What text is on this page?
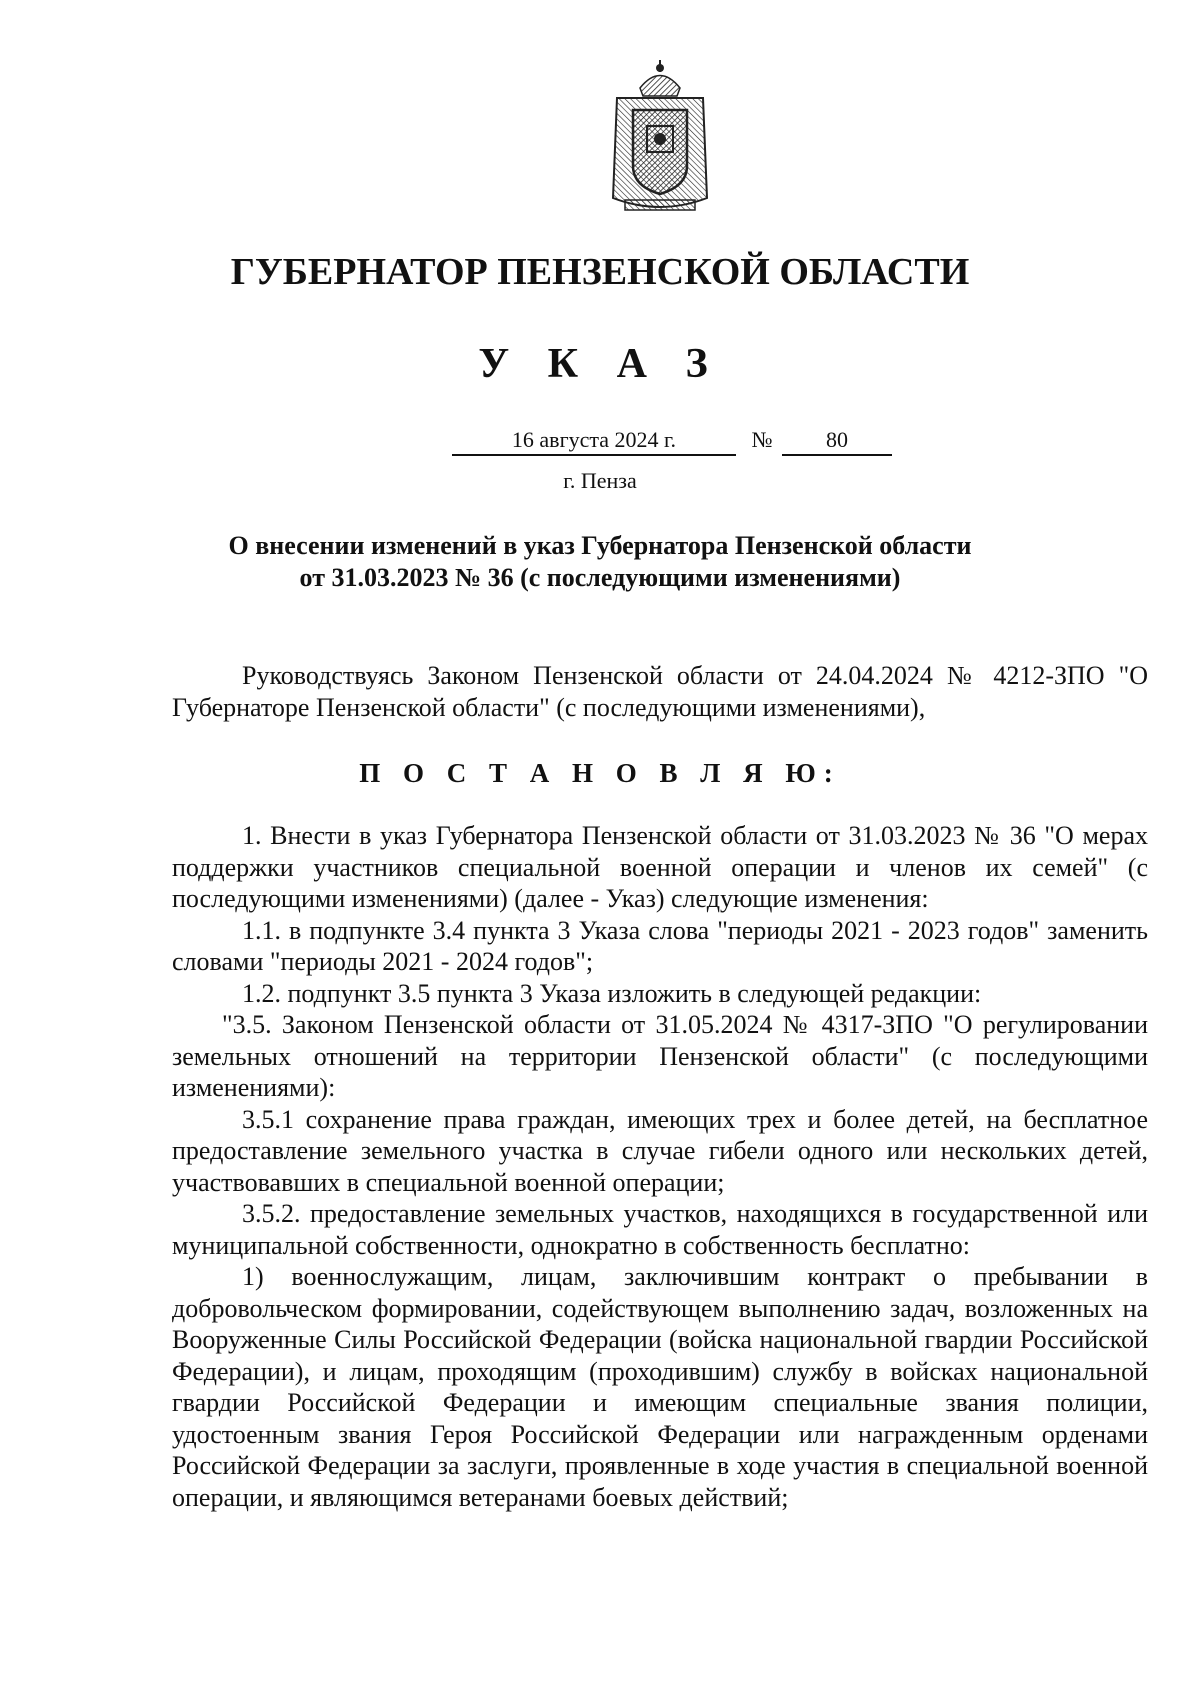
ГУБЕРНАТОР ПЕНЗЕНСКОЙ ОБЛАСТИ
У К А З
16 августа 2024 г.	№	80
г. Пенза
О внесении изменений в указ Губернатора Пензенской области
от 31.03.2023 № 36 (с последующими изменениями)

Руководствуясь Законом Пензенской области от 24.04.2024 № 4212-ЗПО "О Губернаторе Пензенской области" (с последующими изменениями),

П О С Т А Н О В Л Я Ю:

1. Внести в указ Губернатора Пензенской области от 31.03.2023 № 36 "О мерах поддержки участников специальной военной операции и членов их семей" (с последующими изменениями) (далее - Указ) следующие изменения:

1.1. в подпункте 3.4 пункта 3 Указа слова "периоды 2021 - 2023 годов" заменить словами "периоды 2021 - 2024 годов";

1.2. подпункт 3.5 пункта 3 Указа изложить в следующей редакции:

"3.5. Законом Пензенской области от 31.05.2024 № 4317-ЗПО "О регулировании земельных отношений на территории Пензенской области" (с последующими изменениями):

3.5.1 сохранение права граждан, имеющих трех и более детей, на бесплатное предоставление земельного участка в случае гибели одного или нескольких детей, участвовавших в специальной военной операции;

3.5.2. предоставление земельных участков, находящихся в государственной или муниципальной собственности, однократно в собственность бесплатно:

1) военнослужащим, лицам, заключившим контракт о пребывании в добровольческом формировании, содействующем выполнению задач, возложенных на Вооруженные Силы Российской Федерации (войска национальной гвардии Российской Федерации), и лицам, проходящим (проходившим) службу в войсках национальной гвардии Российской Федерации и имеющим специальные звания полиции, удостоенным звания Героя Российской Федерации или награжденным орденами Российской Федерации за заслуги, проявленные в ходе участия в специальной военной операции, и являющимся ветеранами боевых действий;
